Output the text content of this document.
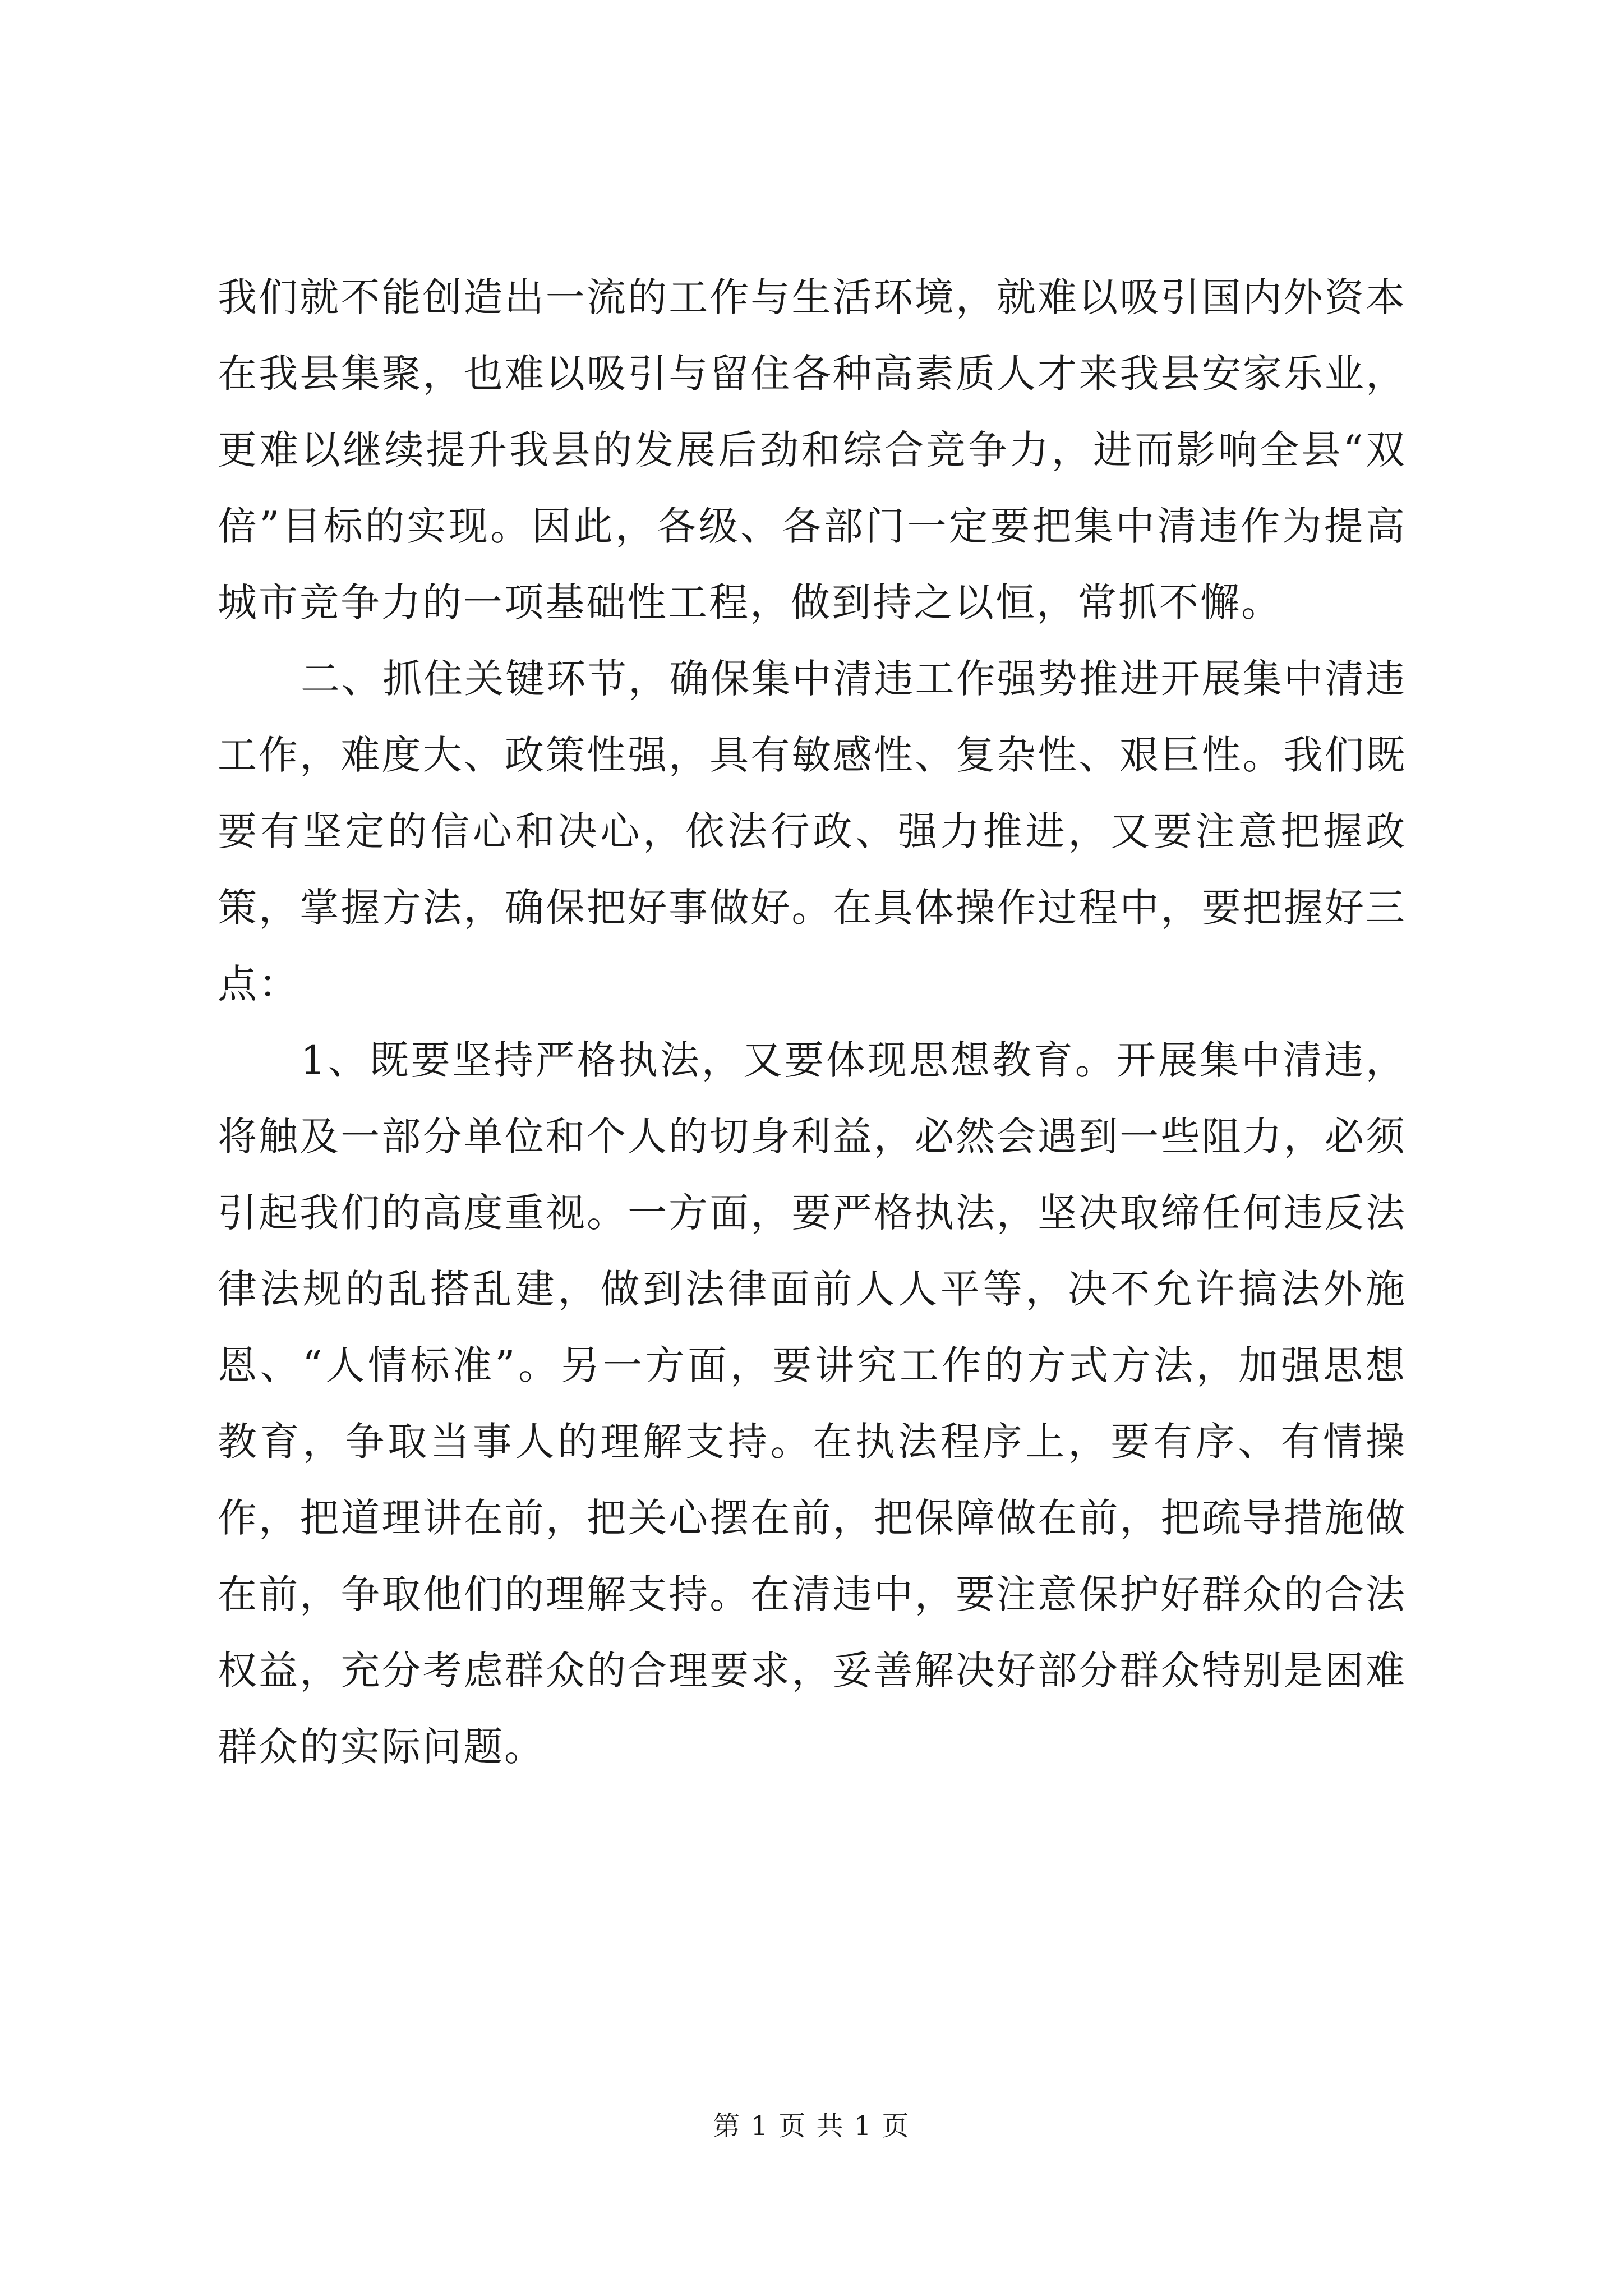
我们就不能创造出一流的工作与生活环境，就难以吸引国内外资本在我县集聚，也难以吸引与留住各种高素质人才来我县安家乐业，更难以继续提升我县的发展后劲和综合竞争力，进而影响全县“双倍”目标的实现。因此，各级、各部门一定要把集中清违作为提高城市竞争力的一项基础性工程，做到持之以恒，常抓不懈。

二、抓住关键环节，确保集中清违工作强势推进开展集中清违工作，难度大、政策性强，具有敏感性、复杂性、艰巨性。我们既要有坚定的信心和决心，依法行政、强力推进，又要注意把握政策，掌握方法，确保把好事做好。在具体操作过程中，要把握好三点：

1、既要坚持严格执法，又要体现思想教育。开展集中清违，将触及一部分单位和个人的切身利益，必然会遇到一些阻力，必须引起我们的高度重视。一方面，要严格执法，坚决取缔任何违反法律法规的乱搭乱建，做到法律面前人人平等，决不允许搞法外施恩、“人情标准”。另一方面，要讲究工作的方式方法，加强思想教育，争取当事人的理解支持。在执法程序上，要有序、有情操作，把道理讲在前，把关心摆在前，把保障做在前，把疏导措施做在前，争取他们的理解支持。在清违中，要注意保护好群众的合法权益，充分考虑群众的合理要求，妥善解决好部分群众特别是困难群众的实际问题。

第 1 页 共 1 页
